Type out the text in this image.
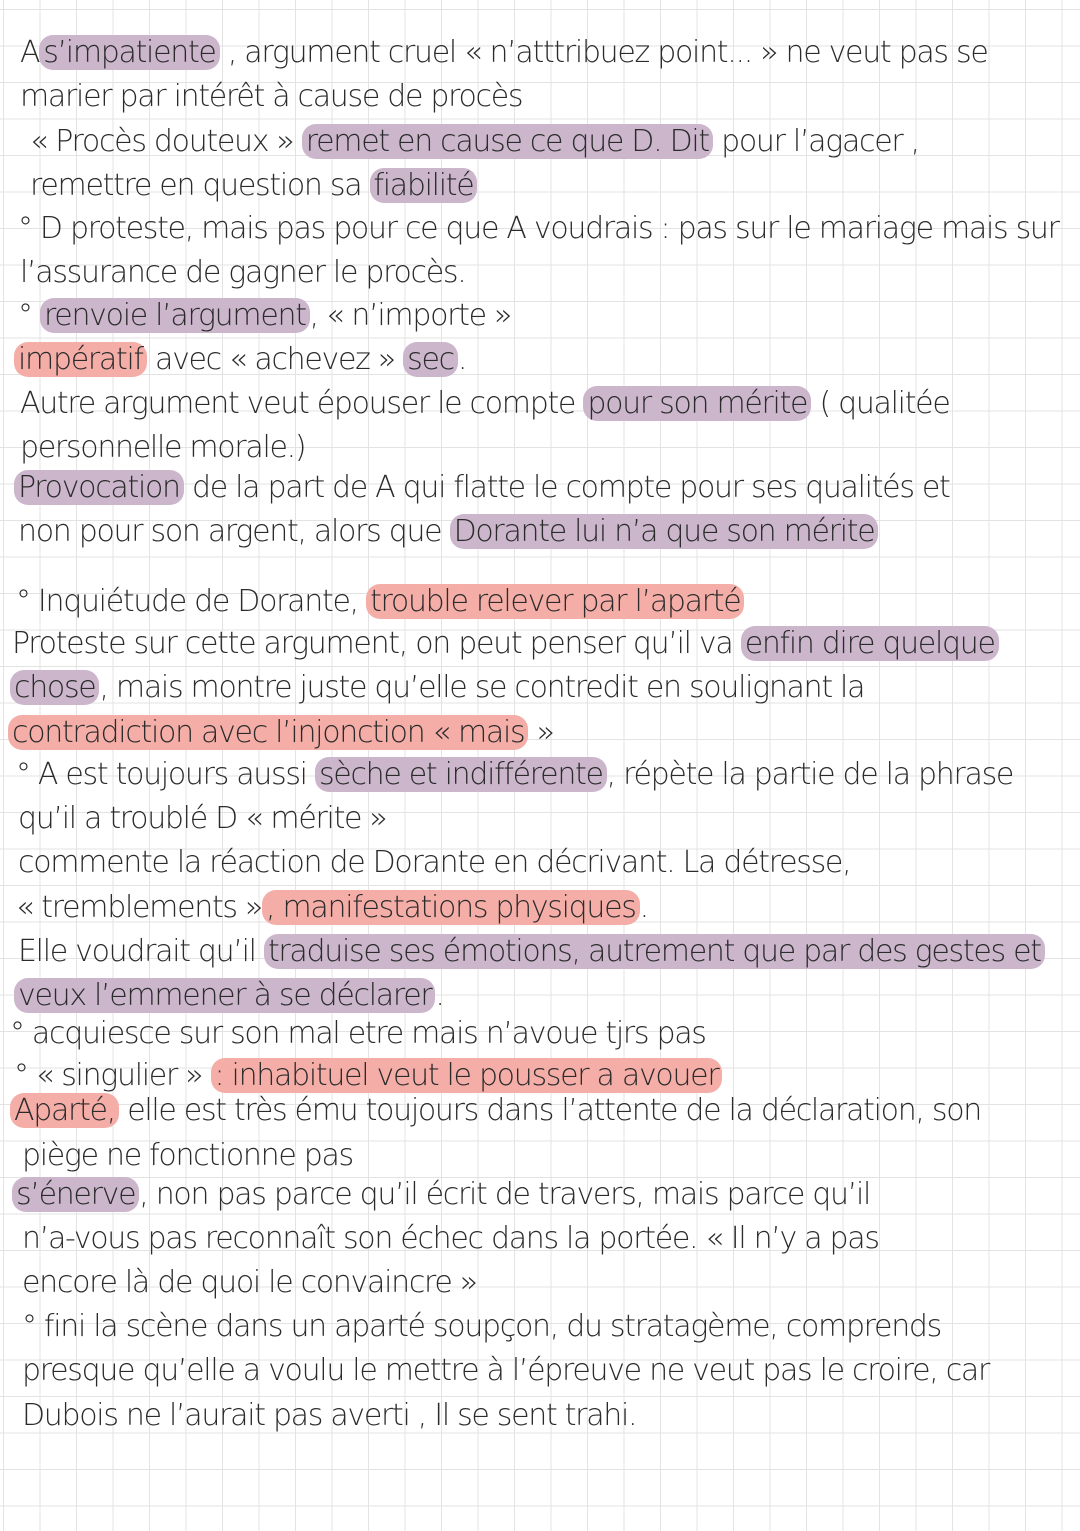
A s’impatiente , argument cruel « n’atttribuez point... » ne veut pas se
marier par intérêt à cause de procès
« Procès douteux » remet en cause ce que D. Dit pour l’agacer ,
remettre en question sa fiabilité
° D proteste, mais pas pour ce que A voudrais : pas sur le mariage mais sur
l’assurance de gagner le procès.
° renvoie l’argument , « n’importe »
impératif avec « achevez » sec .
Autre argument veut épouser le compte pour son mérite ( qualitée
personnelle morale.)
Provocation de la part de A qui flatte le compte pour ses qualités et
non pour son argent, alors que Dorante lui n’a que son mérite
° Inquiétude de Dorante, trouble relever par l’aparté
Proteste sur cette argument, on peut penser qu’il va enfin dire quelque
chose , mais montre juste qu’elle se contredit en soulignant la
contradiction avec l’injonction « mais »
° A est toujours aussi sèche et indifférente , répète la partie de la phrase
qu’il a troublé D « mérite »
commente la réaction de Dorante en décrivant. La détresse,
« tremblements » , manifestations physiques .
Elle voudrait qu’il traduise ses émotions, autrement que par des gestes et
veux l’emmener à se déclarer .
° acquiesce sur son mal etre mais n’avoue tjrs pas
° « singulier » : inhabituel veut le pousser a avouer
Aparté, elle est très ému toujours dans l’attente de la déclaration, son
piège ne fonctionne pas
s’énerve , non pas parce qu’il écrit de travers, mais parce qu’il
n’a-vous pas reconnaît son échec dans la portée. « Il n’y a pas
encore là de quoi le convaincre »
° fini la scène dans un aparté soupçon, du stratagème, comprends
presque qu’elle a voulu le mettre à l’épreuve ne veut pas le croire, car
Dubois ne l’aurait pas averti , Il se sent trahi.
